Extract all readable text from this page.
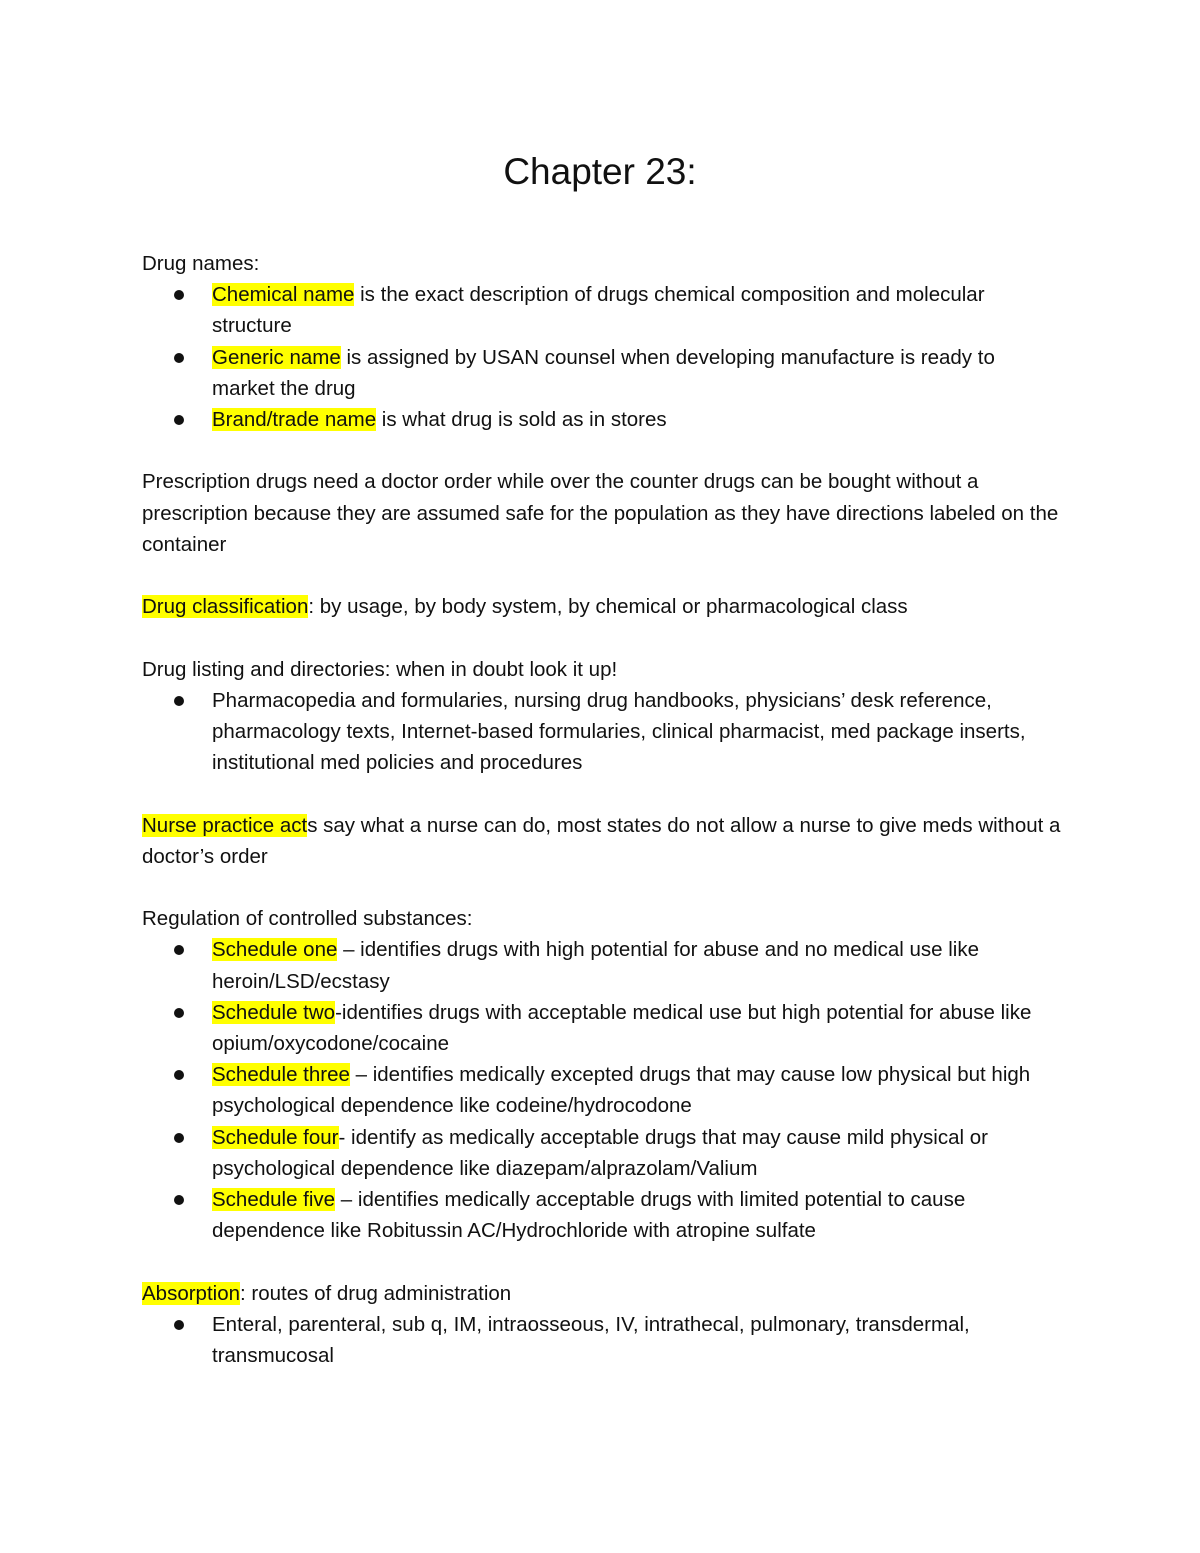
Chapter 23:

Drug names:

Chemical name is the exact description of drugs chemical composition and molecular structure
Generic name is assigned by USAN counsel when developing manufacture is ready to market the drug
Brand/trade name is what drug is sold as in stores

Prescription drugs need a doctor order while over the counter drugs can be bought without a prescription because they are assumed safe for the population as they have directions labeled on the container

Drug classification: by usage, by body system, by chemical or pharmacological class

Drug listing and directories: when in doubt look it up!

Pharmacopedia and formularies, nursing drug handbooks, physicians’ desk reference, pharmacology texts, Internet-based formularies, clinical pharmacist, med package inserts, institutional med policies and procedures

Nurse practice acts say what a nurse can do, most states do not allow a nurse to give meds without a doctor’s order

Regulation of controlled substances:

Schedule one – identifies drugs with high potential for abuse and no medical use like heroin/LSD/ecstasy
Schedule two-identifies drugs with acceptable medical use but high potential for abuse like opium/oxycodone/cocaine
Schedule three – identifies medically excepted drugs that may cause low physical but high psychological dependence like codeine/hydrocodone
Schedule four- identify as medically acceptable drugs that may cause mild physical or psychological dependence like diazepam/alprazolam/Valium
Schedule five – identifies medically acceptable drugs with limited potential to cause dependence like Robitussin AC/Hydrochloride with atropine sulfate

Absorption: routes of drug administration

Enteral, parenteral, sub q, IM, intraosseous, IV, intrathecal, pulmonary, transdermal, transmucosal
